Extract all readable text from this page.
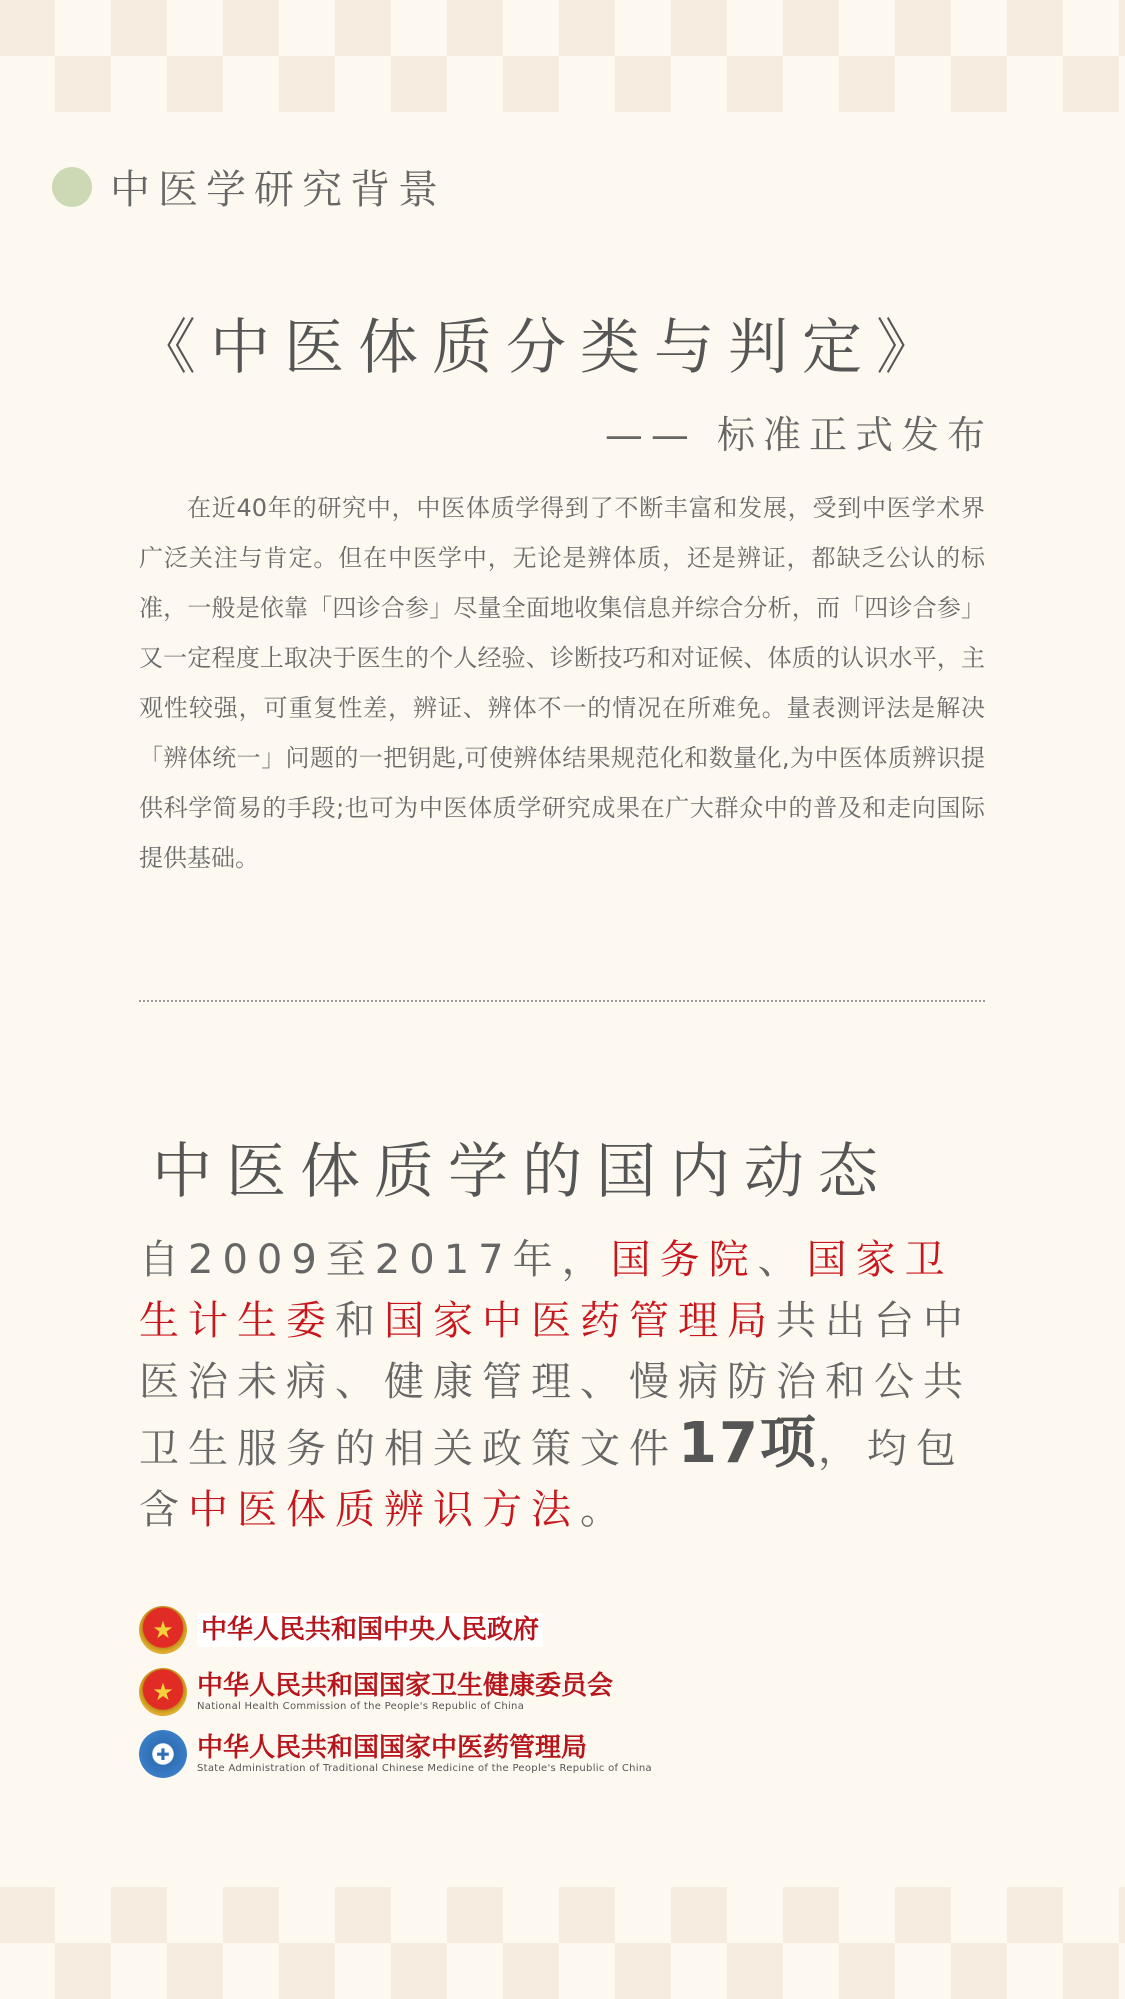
中医学研究背景
《中医体质分类与判定》
—— 标准正式发布

在近40年的研究中，中医体质学得到了不断丰富和发展，受到中医学术界广泛关注与肯定。但在中医学中，无论是辨体质，还是辨证，都缺乏公认的标准，一般是依靠「四诊合参」尽量全面地收集信息并综合分析，而「四诊合参」又一定程度上取决于医生的个人经验、诊断技巧和对证候、体质的认识水平，主观性较强，可重复性差，辨证、辨体不一的情况在所难免。量表测评法是解决「辨体统一」问题的一把钥匙,可使辨体结果规范化和数量化,为中医体质辨识提供科学简易的手段;也可为中医体质学研究成果在广大群众中的普及和走向国际提供基础。

中医体质学的国内动态
自2009至2017年，国务院、国家卫生计生委和国家中医药管理局共出台中医治未病、健康管理、慢病防治和公共卫生服务的相关政策文件17项，均包含中医体质辨识方法。
★	中华人民共和国中央人民政府
★ 中华人民共和国国家卫生健康委员会
National Health Commission of the People's Republic of China
✚	中华人民共和国国家中医药管理局
State Administration of Traditional Chinese Medicine of the People's Republic of China
